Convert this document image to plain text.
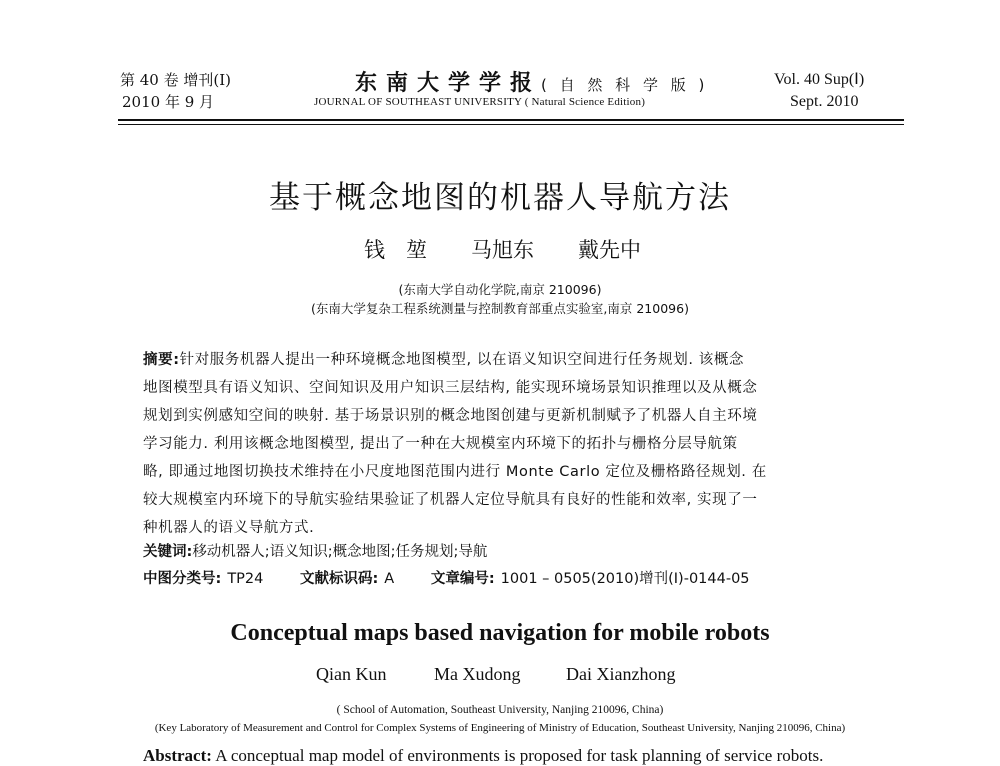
第 40 卷 增刊(Ⅰ)
2010 年 9 月
东南大学学报( 自 然 科 学 版 )
JOURNAL OF SOUTHEAST UNIVERSITY ( Natural Science Edition)
Vol. 40 Sup(Ⅰ)
Sept. 2010
基于概念地图的机器人导航方法
钱　堃 马旭东 戴先中
(东南大学自动化学院,南京 210096)
(东南大学复杂工程系统测量与控制教育部重点实验室,南京 210096)
摘要:针对服务机器人提出一种环境概念地图模型, 以在语义知识空间进行任务规划. 该概念
地图模型具有语义知识、空间知识及用户知识三层结构, 能实现环境场景知识推理以及从概念
规划到实例感知空间的映射. 基于场景识别的概念地图创建与更新机制赋予了机器人自主环境
学习能力. 利用该概念地图模型, 提出了一种在大规模室内环境下的拓扑与栅格分层导航策
略, 即通过地图切换技术维持在小尺度地图范围内进行 Monte Carlo 定位及栅格路径规划. 在
较大规模室内环境下的导航实验结果验证了机器人定位导航具有良好的性能和效率, 实现了一
种机器人的语义导航方式.
关键词:移动机器人;语义知识;概念地图;任务规划;导航
中图分类号: TP24	文献标识码: A	文章编号: 1001 – 0505(2010)增刊(Ⅰ)-0144-05
Conceptual maps based navigation for mobile robots
Qian Kun	Ma Xudong	Dai Xianzhong
( School of Automation, Southeast University, Nanjing 210096, China)
(Key Laboratory of Measurement and Control for Complex Systems of Engineering of Ministry of Education, Southeast University, Nanjing 210096, China)
Abstract: A conceptual map model of environments is proposed for task planning of service robots.
